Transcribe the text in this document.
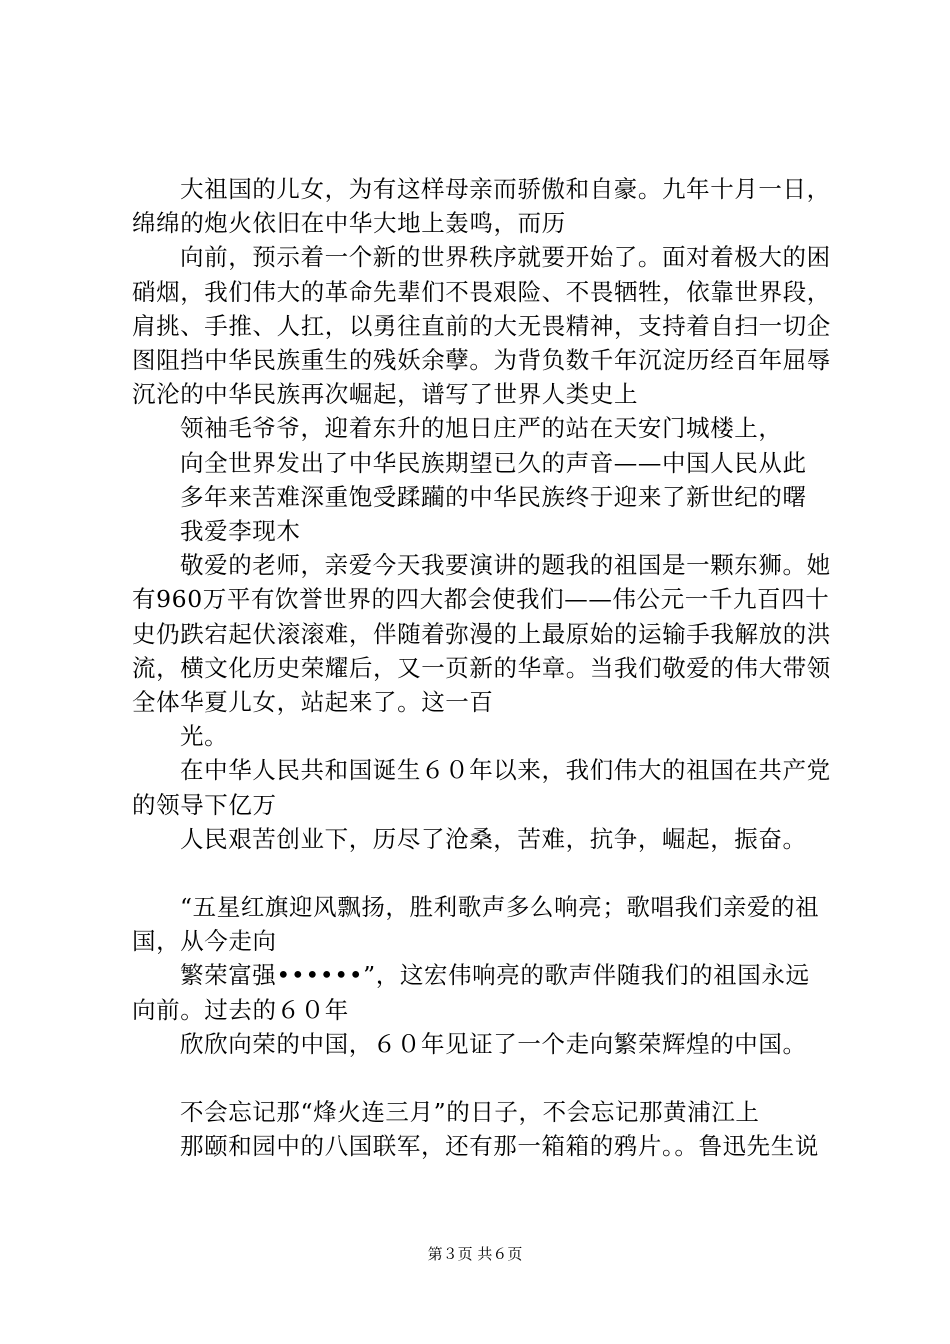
大祖国的儿女，为有这样母亲而骄傲和自豪。九年十月一日，绵绵的炮火依旧在中华大地上轰鸣，而历

向前，预示着一个新的世界秩序就要开始了。面对着极大的困硝烟，我们伟大的革命先辈们不畏艰险、不畏牺牲，依靠世界段，肩挑、手推、人扛，以勇往直前的大无畏精神，支持着自扫一切企图阻挡中华民族重生的残妖余孽。为背负数千年沉淀历经百年屈辱沉沦的中华民族再次崛起，谱写了世界人类史上

领袖毛爷爷，迎着东升的旭日庄严的站在天安门城楼上，

向全世界发出了中华民族期望已久的声音——中国人民从此

多年来苦难深重饱受蹂躏的中华民族终于迎来了新世纪的曙

我爱李现木

敬爱的老师，亲爱今天我要演讲的题我的祖国是一颗东狮。她有960万平有饮誉世界的四大都会使我们——伟公元一千九百四十史仍跌宕起伏滚滚难，伴随着弥漫的上最原始的运输手我解放的洪流，横文化历史荣耀后，又一页新的华章。当我们敬爱的伟大带领全体华夏儿女，站起来了。这一百

光。

在中华人民共和国诞生６０年以来，我们伟大的祖国在共产党的领导下亿万

人民艰苦创业下，历尽了沧桑，苦难，抗争，崛起，振奋。

“五星红旗迎风飘扬，胜利歌声多么响亮；歌唱我们亲爱的祖国，从今走向

繁荣富强••••••”，这宏伟响亮的歌声伴随我们的祖国永远向前。过去的６０年

欣欣向荣的中国，６０年见证了一个走向繁荣辉煌的中国。

不会忘记那“烽火连三月”的日子，不会忘记那黄浦江上

那颐和园中的八国联军，还有那一箱箱的鸦片。。鲁迅先生说

第３页 共６页
